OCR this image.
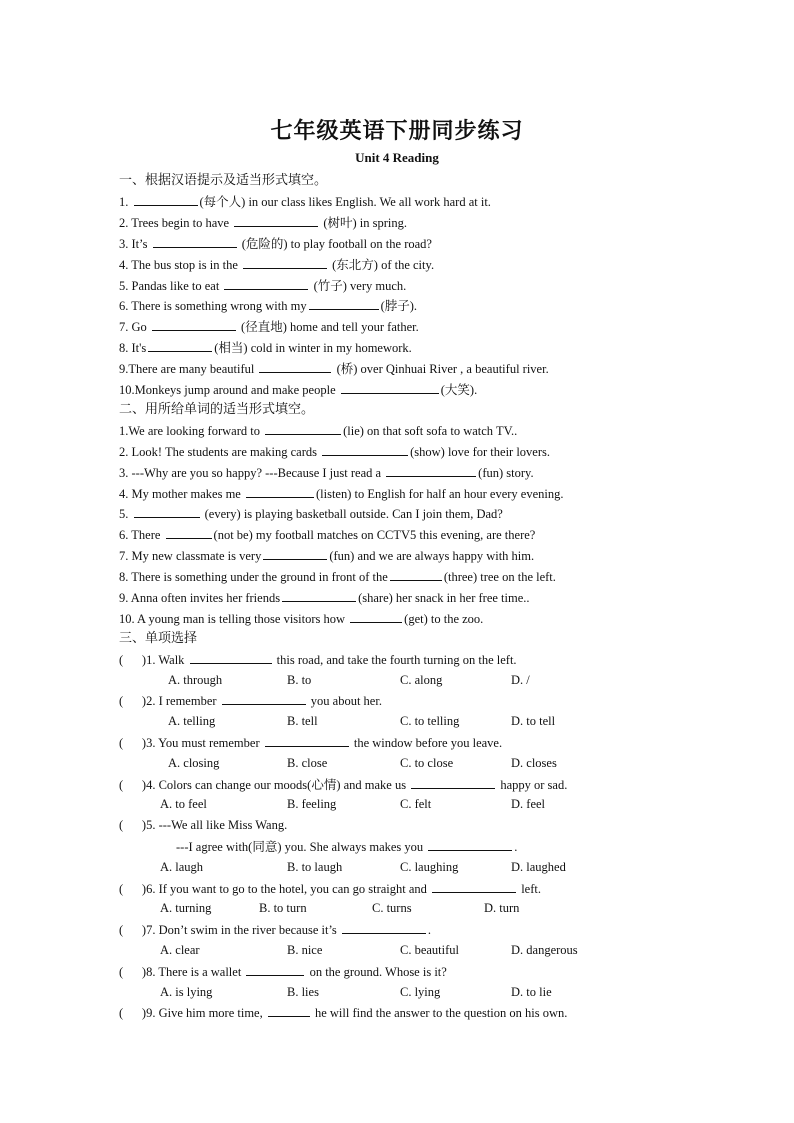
七年级英语下册同步练习
Unit 4 Reading
一、根据汉语提示及适当形式填空。
1.	(每个人) in our class likes English. We all work hard at it.
2. Trees begin to have	(树叶) in spring.
3. It’s	(危险的) to play football on the road?
4. The bus stop is in the	(东北方) of the city.
5. Pandas like to eat	(竹子) very much.
6. There is something wrong with my	(脖子).
7. Go	(径直地) home and tell your father.
8. It's	(相当) cold in winter in my homework.
9.There are many beautiful	(桥) over Qinhuai River , a beautiful river.
10.Monkeys jump around and make people	(大笑).
二、用所给单词的适当形式填空。
1.We are looking forward to	(lie) on that soft sofa to watch TV..
2. Look! The students are making cards	(show) love for their lovers.
3. ---Why are you so happy? ---Because I just read a	(fun) story.
4. My mother makes me	(listen) to English for half an hour every evening.
5.	(every) is playing basketball outside. Can I join them, Dad?
6. There	(not be) my football matches on CCTV5 this evening, are there?
7. My new classmate is very	(fun) and we are always happy with him.
8. There is something under the ground in front of the	(three) tree on the left.
9. Anna often invites her friends	(share) her snack in her free time..
10. A young man is telling those visitors how	(get) to the zoo.
三、单项选择
(      )1. Walk	this road, and take the fourth turning on the left.
A. through	B. to	C. along	D. /
(      )2. I remember	you about her.
A. telling	B. tell	C. to telling	D. to tell
(      )3. You must remember	the window before you leave.
A. closing	B. close	C. to close	D. closes
(      )4. Colors can change our moods(心情) and make us	happy or sad.
A. to feel	B. feeling	C. felt	D. feel
(      )5. ---We all like Miss Wang.
---I agree with(同意) you. She always makes you	.
A. laugh	B. to laugh	C. laughing	D. laughed
(      )6. If you want to go to the hotel, you can go straight and	left.
A. turning	B. to turn	C. turns	D. turn
(      )7. Don’t swim in the river because it’s	.
A. clear	B. nice	C. beautiful	D. dangerous
(      )8. There is a wallet	on the ground. Whose is it?
A. is lying	B. lies	C. lying	D. to lie
(      )9. Give him more time,	he will find the answer to the question on his own.
